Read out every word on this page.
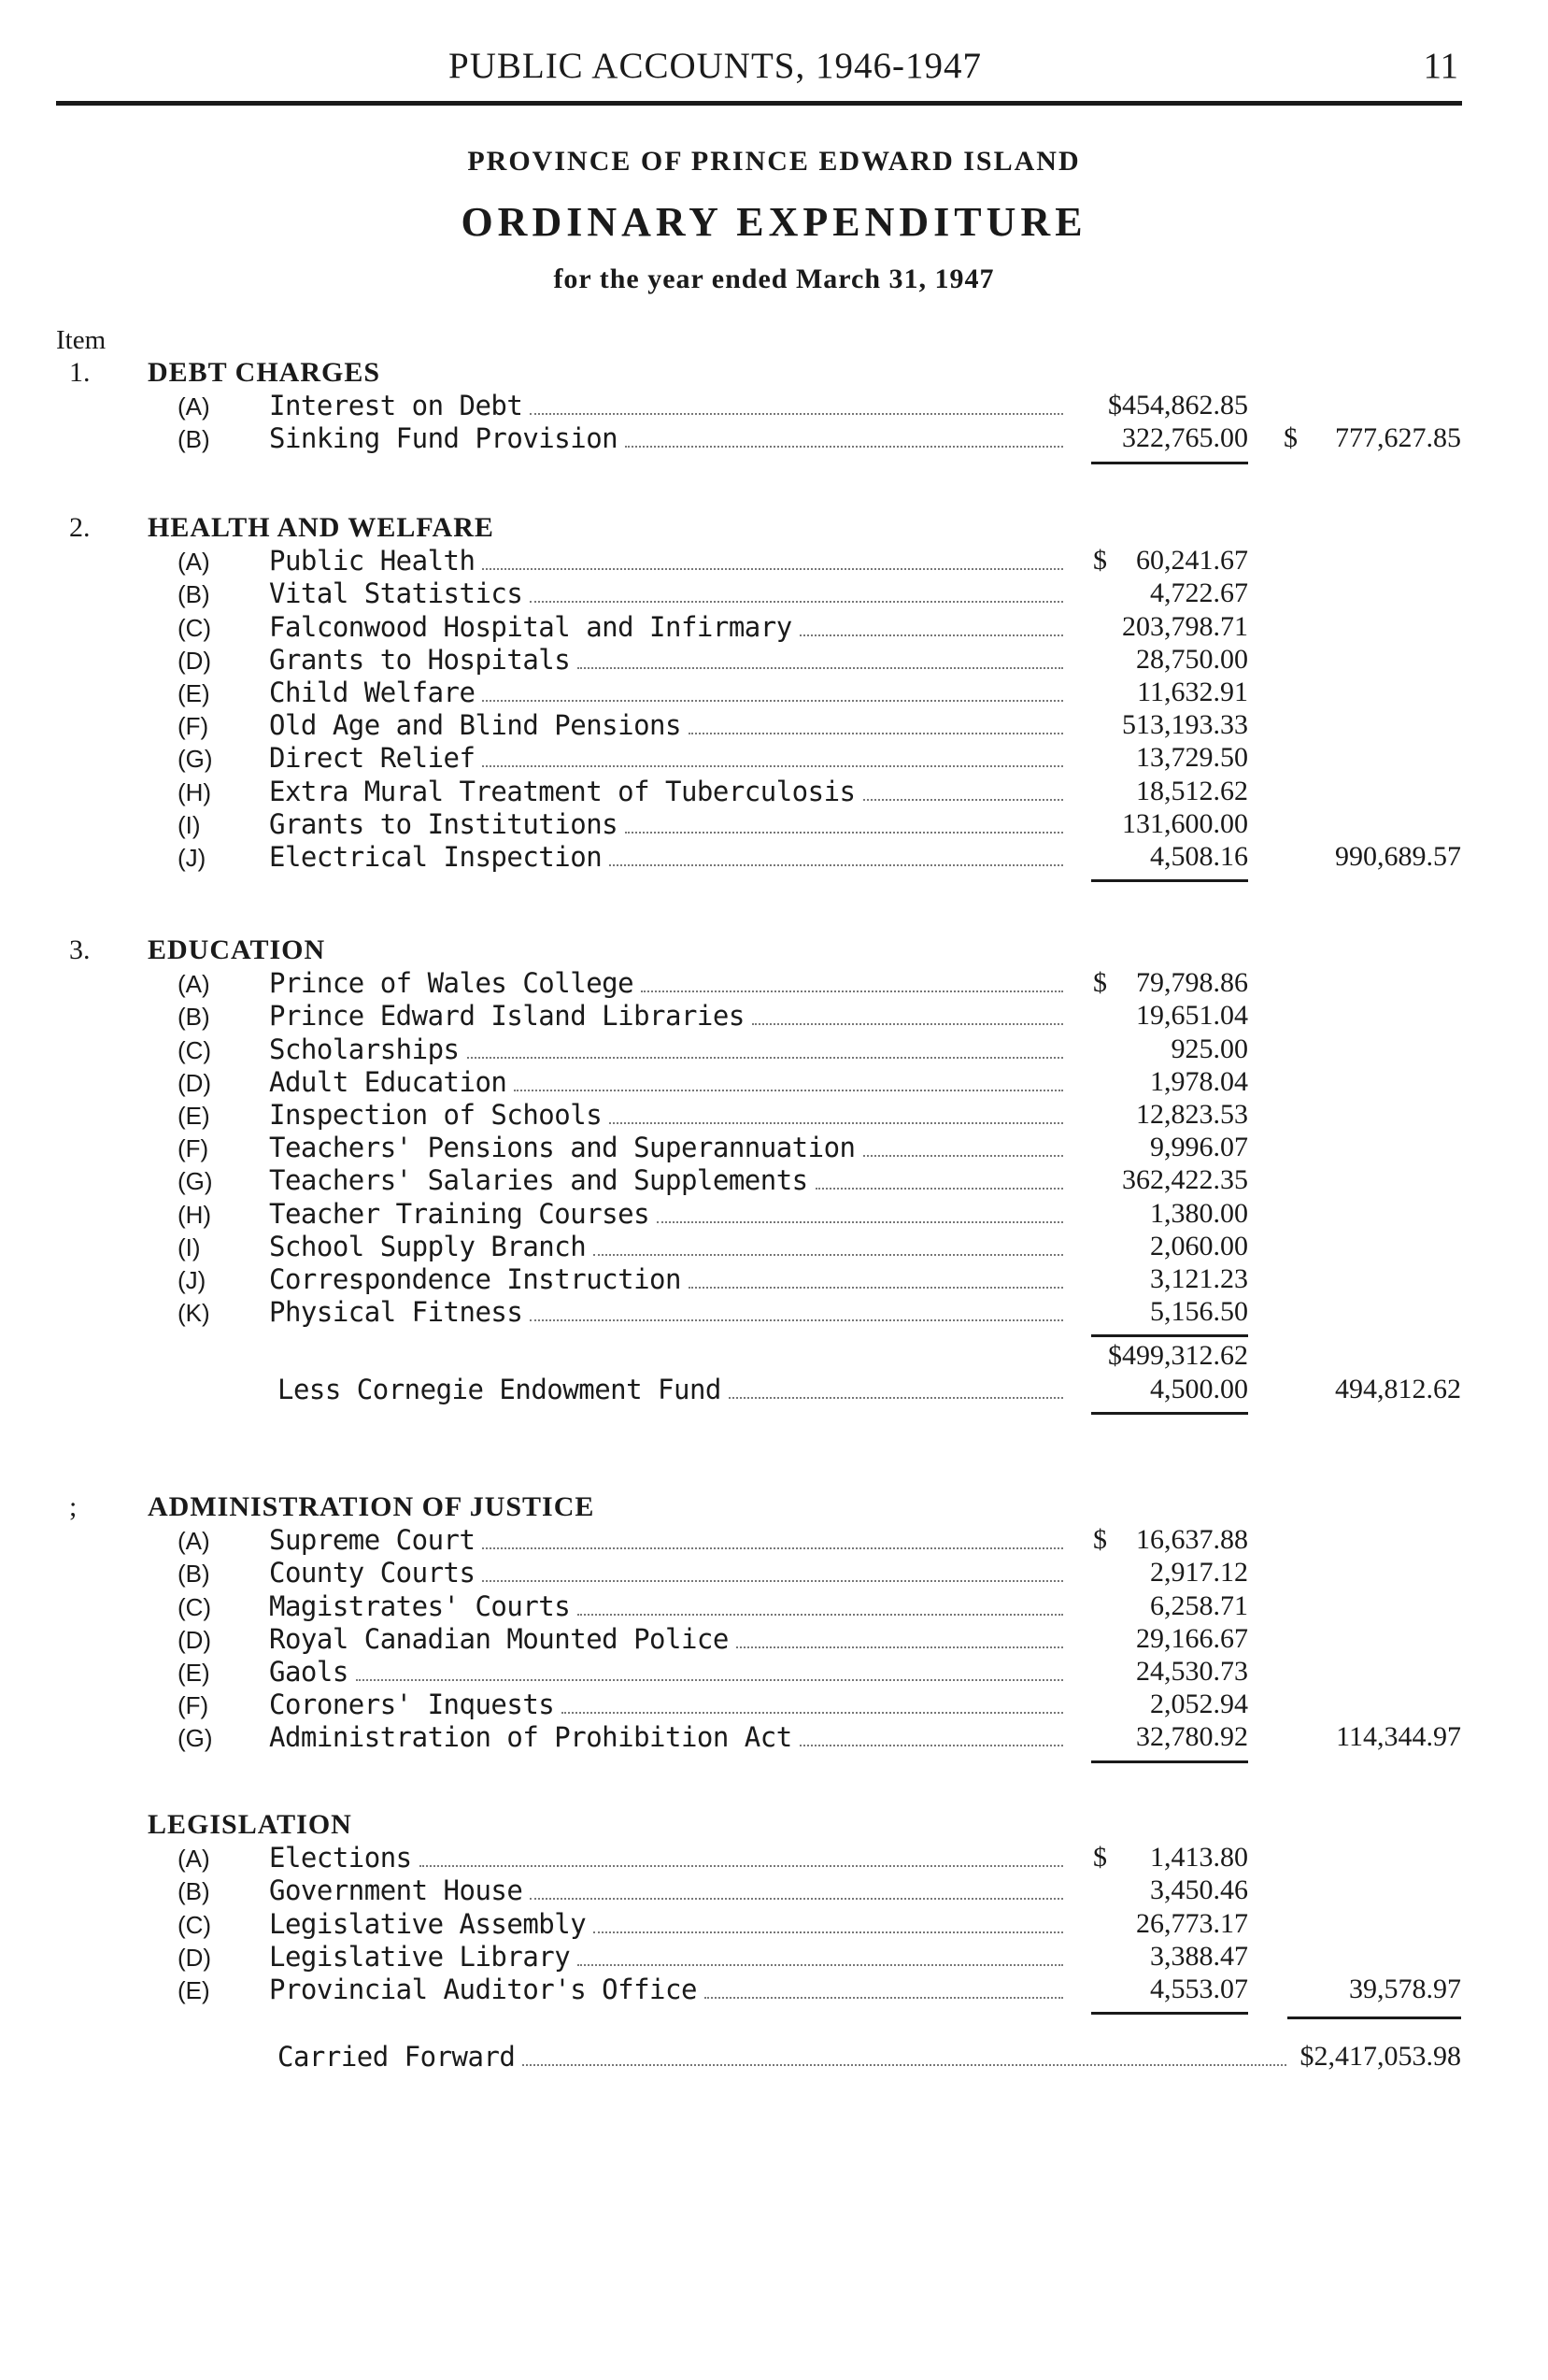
PUBLIC ACCOUNTS, 1946-1947	11
PROVINCE OF PRINCE EDWARD ISLAND
ORDINARY EXPENDITURE
for the year ended March 31, 1947
Item
1. DEBT CHARGES
(A) Interest on Debt	$454,862.85
(B) Sinking Fund Provision	322,765.00 $	777,627.85
2. HEALTH AND WELFARE
(A) Public Health	$	60,241.67
(B) Vital Statistics	4,722.67
(C) Falconwood Hospital and Infirmary	203,798.71
(D) Grants to Hospitals	28,750.00
(E) Child Welfare	11,632.91
(F) Old Age and Blind Pensions	513,193.33
(G) Direct Relief	13,729.50
(H) Extra Mural Treatment of Tuberculosis	18,512.62
(I)	Grants to Institutions	131,600.00
(J) Electrical Inspection	4,508.16	990,689.57
3. EDUCATION
(A) Prince of Wales College	$	79,798.86
(B) Prince Edward Island Libraries	19,651.04
(C) Scholarships	925.00
(D) Adult Education	1,978.04
(E) Inspection of Schools	12,823.53
(F) Teachers' Pensions and Superannuation	9,996.07
(G) Teachers' Salaries and Supplements	362,422.35
(H) Teacher Training Courses	1,380.00
(I)	School Supply Branch	2,060.00
(J) Correspondence Instruction	3,121.23
(K) Physical Fitness	5,156.50
$499,312.62
Less Cornegie Endowment Fund	4,500.00	494,812.62
;	ADMINISTRATION OF JUSTICE
(A) Supreme Court	$	16,637.88
(B) County Courts	2,917.12
(C) Magistrates' Courts	6,258.71
(D) Royal Canadian Mounted Police	29,166.67
(E) Gaols	24,530.73
(F) Coroners' Inquests	2,052.94
(G) Administration of Prohibition Act	32,780.92	114,344.97
LEGISLATION
(A) Elections	$	1,413.80
(B) Government House	3,450.46
(C) Legislative Assembly	26,773.17
(D) Legislative Library	3,388.47
(E) Provincial Auditor's Office	4,553.07	39,578.97
Carried Forward	$2,417,053.98
